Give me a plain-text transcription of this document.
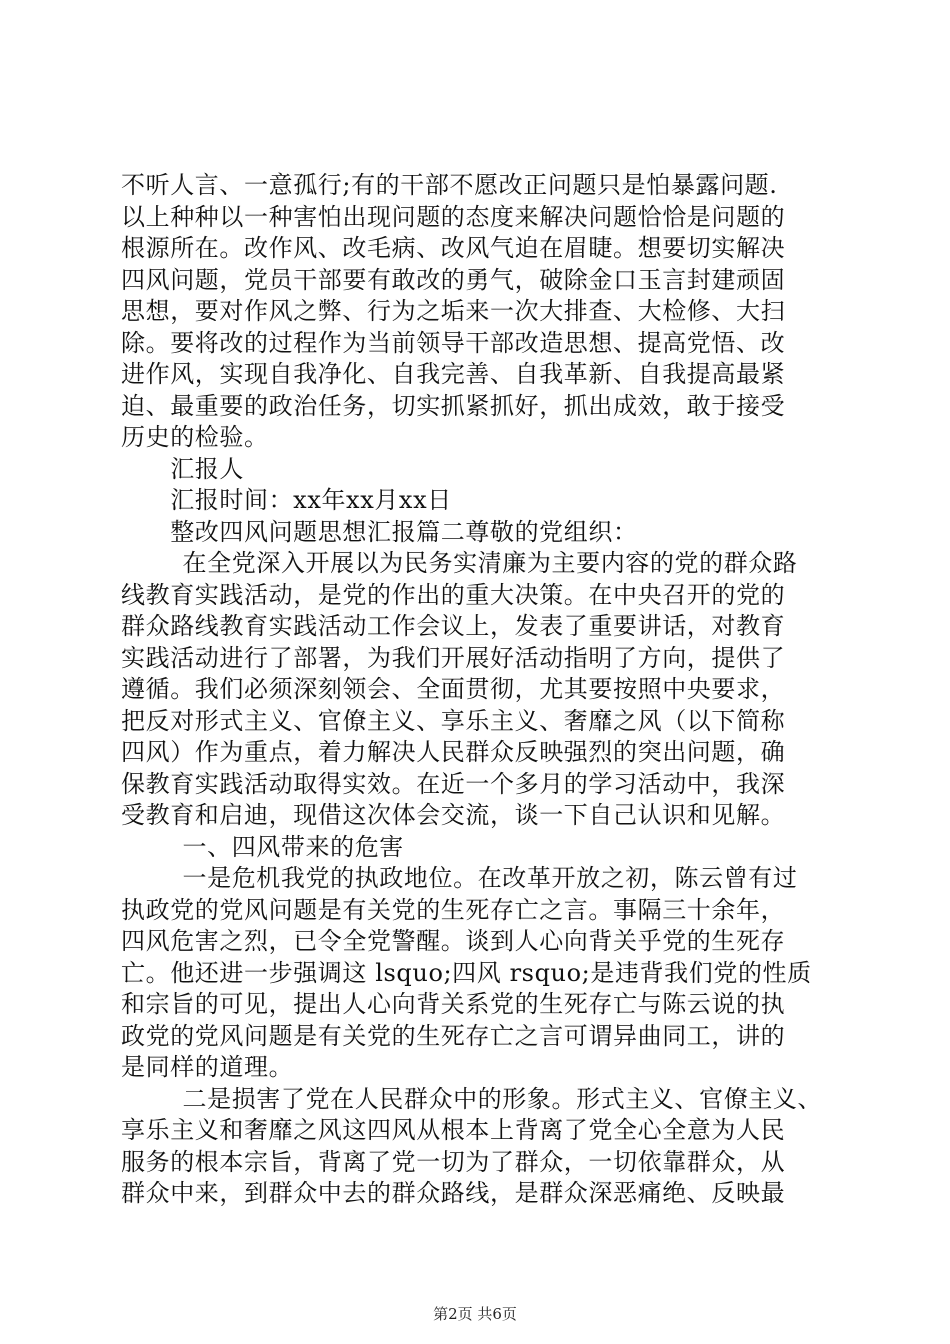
不听人言、一意孤行;有的干部不愿改正问题只是怕暴露问题.
以上种种以一种害怕出现问题的态度来解决问题恰恰是问题的
根源所在。改作风、改毛病、改风气迫在眉睫。想要切实解决
四风问题，党员干部要有敢改的勇气，破除金口玉言封建顽固
思想，要对作风之弊、行为之垢来一次大排查、大检修、大扫
除。要将改的过程作为当前领导干部改造思想、提高党悟、改
进作风，实现自我净化、自我完善、自我革新、自我提高最紧
迫、最重要的政治任务，切实抓紧抓好，抓出成效，敢于接受
历史的检验。
汇报人
汇报时间：xx年xx月xx日
整改四风问题思想汇报篇二尊敬的党组织：
在全党深入开展以为民务实清廉为主要内容的党的群众路
线教育实践活动，是党的作出的重大决策。在中央召开的党的
群众路线教育实践活动工作会议上，发表了重要讲话，对教育
实践活动进行了部署，为我们开展好活动指明了方向，提供了
遵循。我们必须深刻领会、全面贯彻，尤其要按照中央要求，
把反对形式主义、官僚主义、享乐主义、奢靡之风（以下简称
四风）作为重点，着力解决人民群众反映强烈的突出问题，确
保教育实践活动取得实效。在近一个多月的学习活动中，我深
受教育和启迪，现借这次体会交流，谈一下自己认识和见解。
一、四风带来的危害
一是危机我党的执政地位。在改革开放之初，陈云曾有过
执政党的党风问题是有关党的生死存亡之言。事隔三十余年，
四风危害之烈，已令全党警醒。谈到人心向背关乎党的生死存
亡。他还进一步强调这 lsquo;四风 rsquo;是违背我们党的性质
和宗旨的可见，提出人心向背关系党的生死存亡与陈云说的执
政党的党风问题是有关党的生死存亡之言可谓异曲同工，讲的
是同样的道理。
二是损害了党在人民群众中的形象。形式主义、官僚主义、
享乐主义和奢靡之风这四风从根本上背离了党全心全意为人民
服务的根本宗旨，背离了党一切为了群众，一切依靠群众，从
群众中来，到群众中去的群众路线，是群众深恶痛绝、反映最
第2页 共6页
